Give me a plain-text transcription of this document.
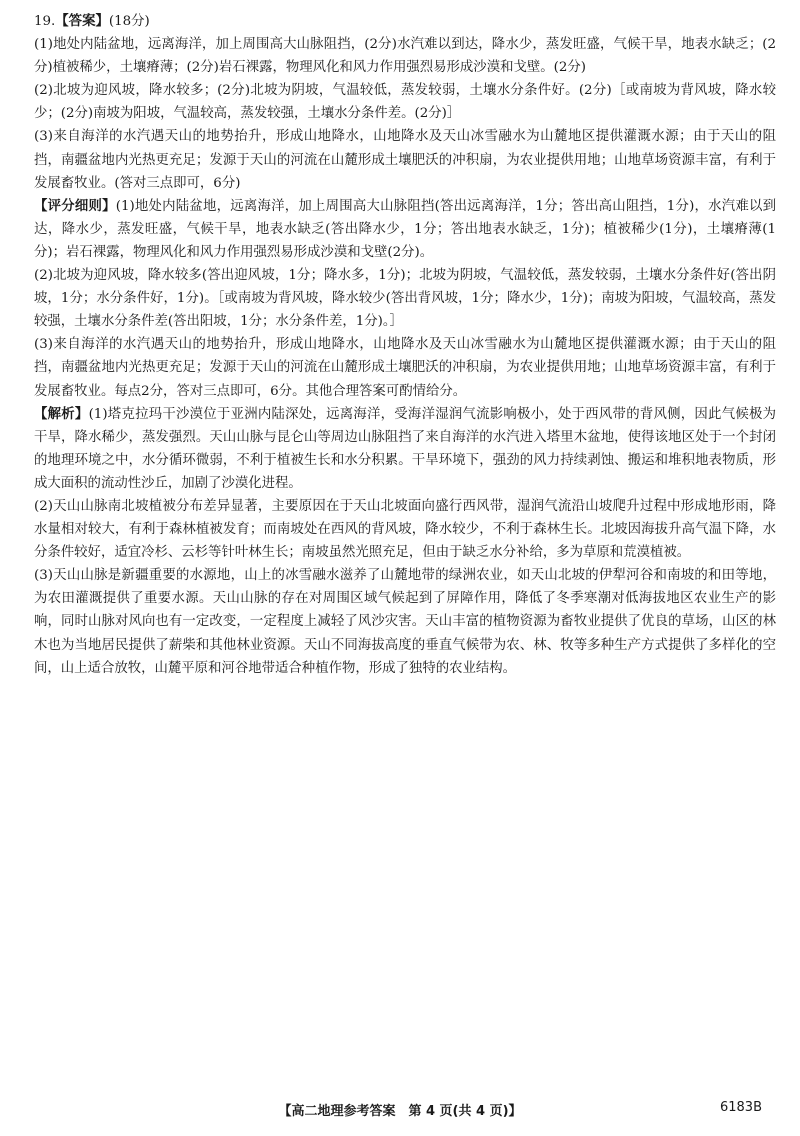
19.【答案】(18分)

(1)地处内陆盆地，远离海洋，加上周围高大山脉阻挡，(2分)水汽难以到达，降水少，蒸发旺盛，气候干旱，地表水缺乏；(2分)植被稀少，土壤瘠薄；(2分)岩石裸露，物理风化和风力作用强烈易形成沙漠和戈壁。(2分)

(2)北坡为迎风坡，降水较多；(2分)北坡为阴坡，气温较低，蒸发较弱，土壤水分条件好。(2分)［或南坡为背风坡，降水较少；(2分)南坡为阳坡，气温较高，蒸发较强，土壤水分条件差。(2分)］

(3)来自海洋的水汽遇天山的地势抬升，形成山地降水，山地降水及天山冰雪融水为山麓地区提供灌溉水源；由于天山的阻挡，南疆盆地内光热更充足；发源于天山的河流在山麓形成土壤肥沃的冲积扇，为农业提供用地；山地草场资源丰富，有利于发展畜牧业。(答对三点即可，6分)

【评分细则】(1)地处内陆盆地，远离海洋，加上周围高大山脉阻挡(答出远离海洋，1分；答出高山阻挡，1分)，水汽难以到达，降水少，蒸发旺盛，气候干旱，地表水缺乏(答出降水少，1分；答出地表水缺乏，1分)；植被稀少(1分)，土壤瘠薄(1分)；岩石裸露，物理风化和风力作用强烈易形成沙漠和戈壁(2分)。

(2)北坡为迎风坡，降水较多(答出迎风坡，1分；降水多，1分)；北坡为阴坡，气温较低，蒸发较弱，土壤水分条件好(答出阴坡，1分；水分条件好，1分)。［或南坡为背风坡，降水较少(答出背风坡，1分；降水少，1分)；南坡为阳坡，气温较高，蒸发较强，土壤水分条件差(答出阳坡，1分；水分条件差，1分)。］

(3)来自海洋的水汽遇天山的地势抬升，形成山地降水，山地降水及天山冰雪融水为山麓地区提供灌溉水源；由于天山的阻挡，南疆盆地内光热更充足；发源于天山的河流在山麓形成土壤肥沃的冲积扇，为农业提供用地；山地草场资源丰富，有利于发展畜牧业。每点2分，答对三点即可，6分。其他合理答案可酌情给分。

【解析】(1)塔克拉玛干沙漠位于亚洲内陆深处，远离海洋，受海洋湿润气流影响极小，处于西风带的背风侧，因此气候极为干旱，降水稀少，蒸发强烈。天山山脉与昆仑山等周边山脉阻挡了来自海洋的水汽进入塔里木盆地，使得该地区处于一个封闭的地理环境之中，水分循环微弱，不利于植被生长和水分积累。干旱环境下，强劲的风力持续剥蚀、搬运和堆积地表物质，形成大面积的流动性沙丘，加剧了沙漠化进程。

(2)天山山脉南北坡植被分布差异显著，主要原因在于天山北坡面向盛行西风带，湿润气流沿山坡爬升过程中形成地形雨，降水量相对较大，有利于森林植被发育；而南坡处在西风的背风坡，降水较少，不利于森林生长。北坡因海拔升高气温下降，水分条件较好，适宜冷杉、云杉等针叶林生长；南坡虽然光照充足，但由于缺乏水分补给，多为草原和荒漠植被。

(3)天山山脉是新疆重要的水源地，山上的冰雪融水滋养了山麓地带的绿洲农业，如天山北坡的伊犁河谷和南坡的和田等地，为农田灌溉提供了重要水源。天山山脉的存在对周围区域气候起到了屏障作用，降低了冬季寒潮对低海拔地区农业生产的影响，同时山脉对风向也有一定改变，一定程度上减轻了风沙灾害。天山丰富的植物资源为畜牧业提供了优良的草场，山区的林木也为当地居民提供了薪柴和其他林业资源。天山不同海拔高度的垂直气候带为农、林、牧等多种生产方式提供了多样化的空间，山上适合放牧，山麓平原和河谷地带适合种植作物，形成了独特的农业结构。

【高二地理参考答案　第 4 页(共 4 页)】	6183B
